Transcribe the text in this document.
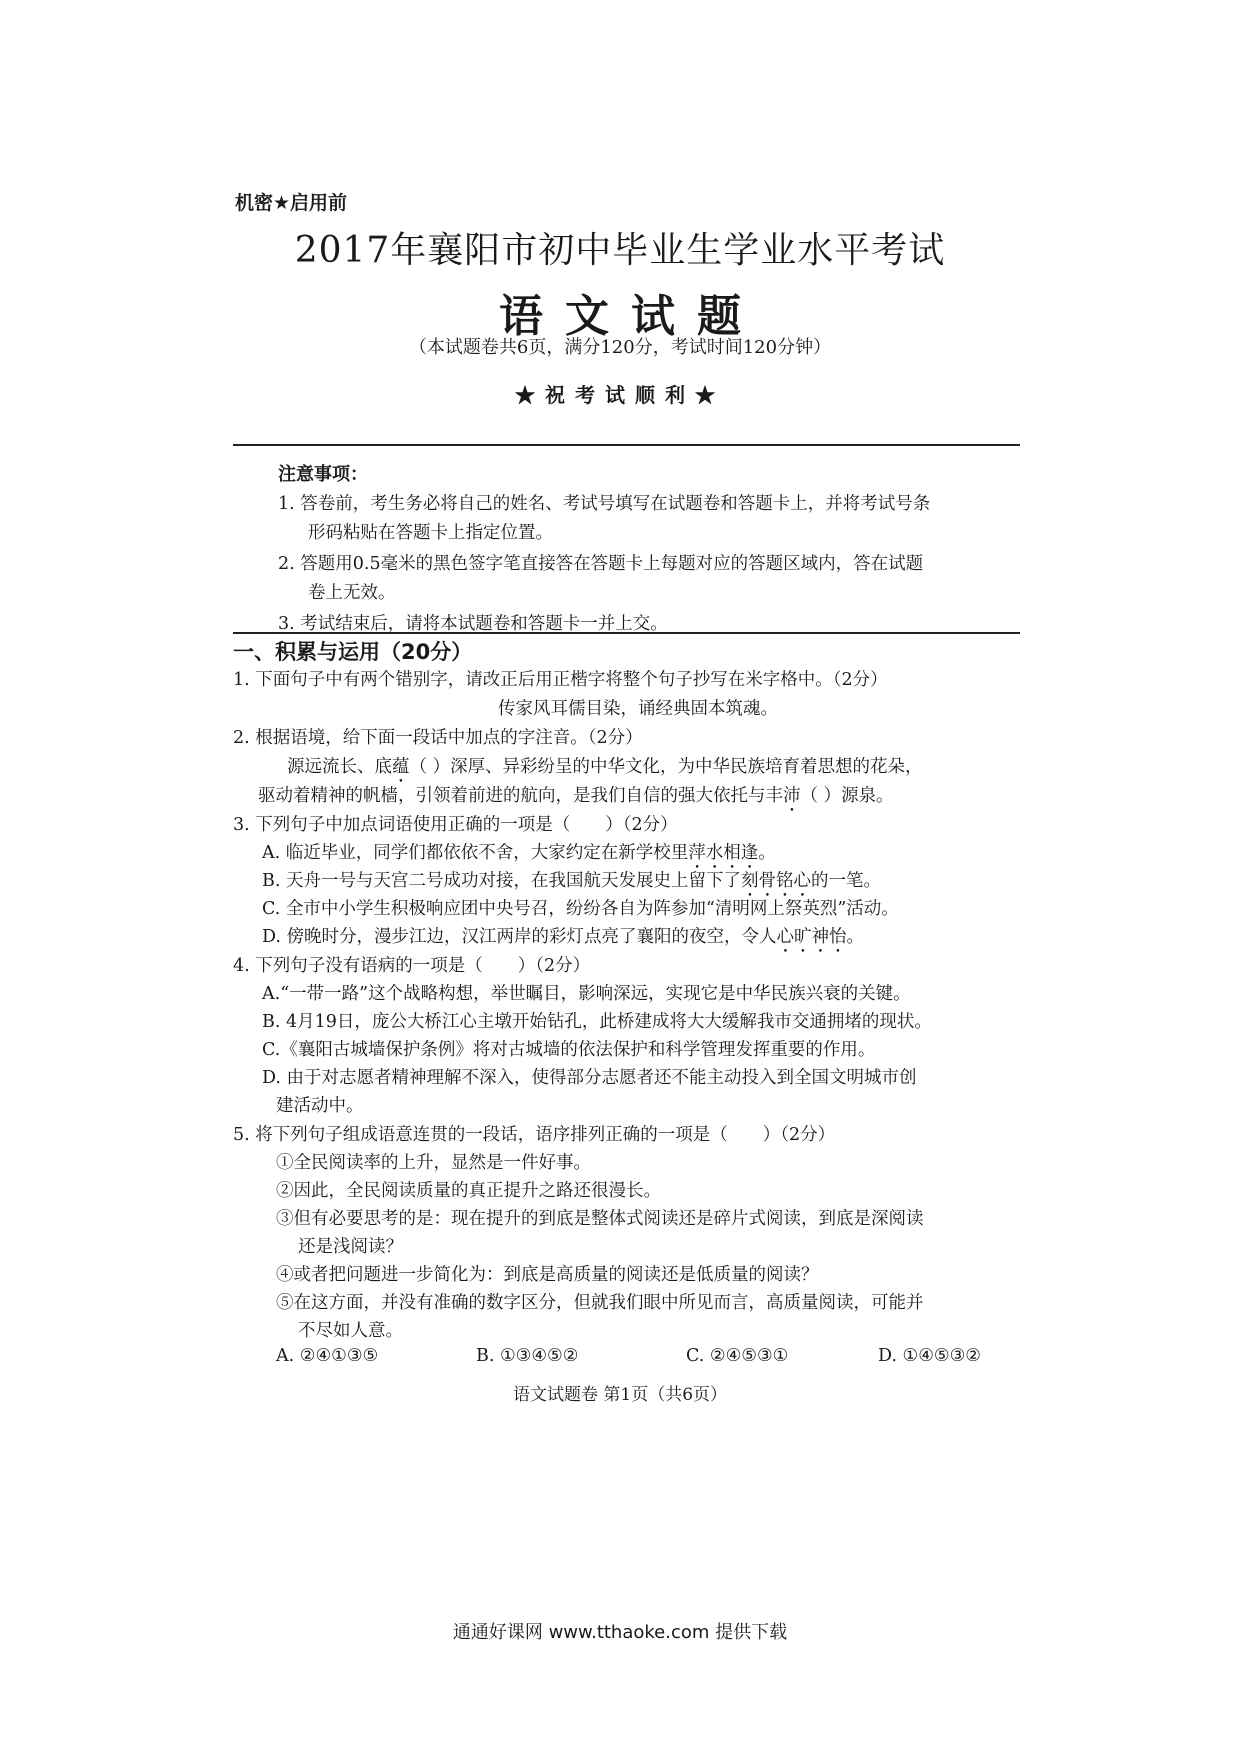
机密★启用前
2017年襄阳市初中毕业生学业水平考试
语文试题
（本试题卷共6页，满分120分，考试时间120分钟）
★祝考试顺利★
注意事项：
1. 答卷前，考生务必将自己的姓名、考试号填写在试题卷和答题卡上，并将考试号条
形码粘贴在答题卡上指定位置。
2. 答题用0.5毫米的黑色签字笔直接答在答题卡上每题对应的答题区域内，答在试题
卷上无效。
3. 考试结束后，请将本试题卷和答题卡一并上交。
一、积累与运用（20分）
1. 下面句子中有两个错别字，请改正后用正楷字将整个句子抄写在米字格中。（2分）
传家风耳儒目染，诵经典固本筑魂。
2. 根据语境，给下面一段话中加点的字注音。（2分）
源远流长、底蕴（ ）深厚、异彩纷呈的中华文化，为中华民族培育着思想的花朵，
驱动着精神的帆樯，引领着前进的航向，是我们自信的强大依托与丰沛（ ）源泉。
3. 下列句子中加点词语使用正确的一项是（　　）（2分）
A. 临近毕业，同学们都依依不舍，大家约定在新学校里萍水相逢。
B. 天舟一号与天宫二号成功对接，在我国航天发展史上留下了刻骨铭心的一笔。
C. 全市中小学生积极响应团中央号召，纷纷各自为阵参加“清明网上祭英烈”活动。
D. 傍晚时分，漫步江边，汉江两岸的彩灯点亮了襄阳的夜空，令人心旷神怡。
4. 下列句子没有语病的一项是（　　）（2分）
A.“一带一路”这个战略构想，举世瞩目，影响深远，实现它是中华民族兴衰的关键。
B. 4月19日，庞公大桥江心主墩开始钻孔，此桥建成将大大缓解我市交通拥堵的现状。
C.《襄阳古城墙保护条例》将对古城墙的依法保护和科学管理发挥重要的作用。
D. 由于对志愿者精神理解不深入，使得部分志愿者还不能主动投入到全国文明城市创
建活动中。
5. 将下列句子组成语意连贯的一段话，语序排列正确的一项是（　　）（2分）
①全民阅读率的上升，显然是一件好事。
②因此，全民阅读质量的真正提升之路还很漫长。
③但有必要思考的是：现在提升的到底是整体式阅读还是碎片式阅读，到底是深阅读
还是浅阅读？
④或者把问题进一步简化为：到底是高质量的阅读还是低质量的阅读？
⑤在这方面，并没有准确的数字区分，但就我们眼中所见而言，高质量阅读，可能并
不尽如人意。
A. ②④①③⑤	B. ①③④⑤②	C. ②④⑤③①	D. ①④⑤③②
语文试题卷 第1页（共6页）
通通好课网 www.tthaoke.com 提供下载
